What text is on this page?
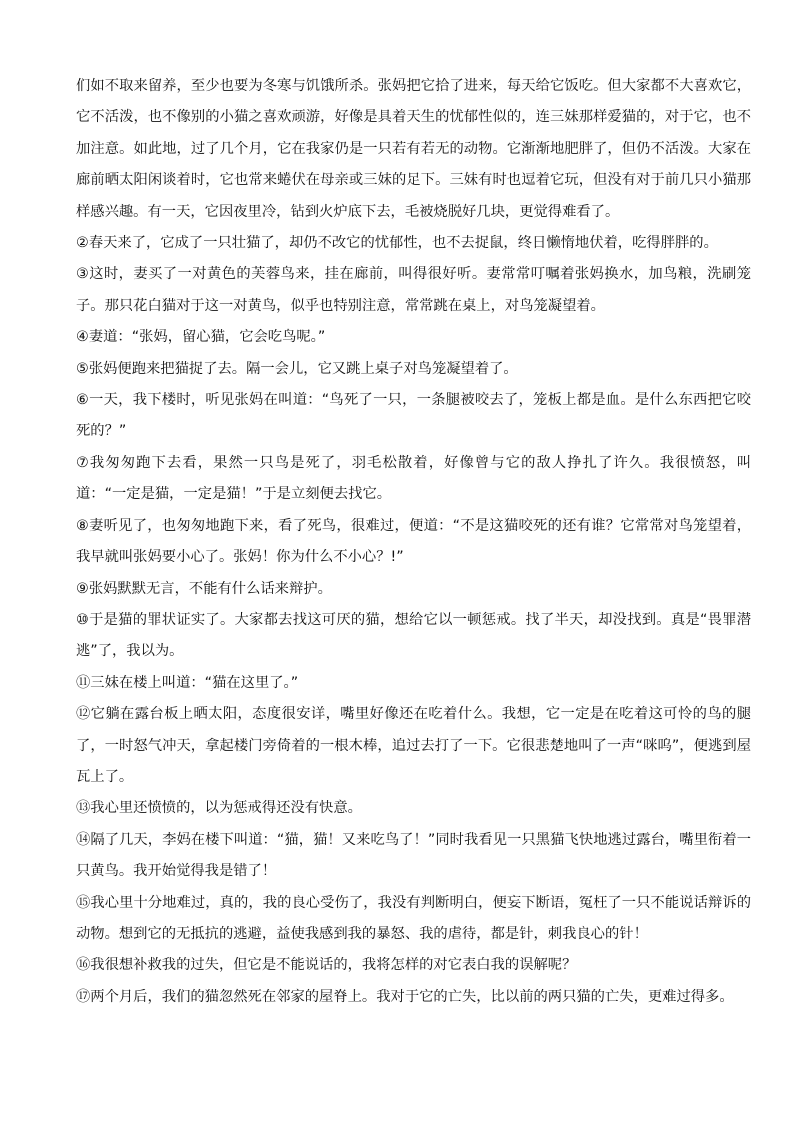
们如不取来留养，至少也要为冬寒与饥饿所杀。张妈把它拾了进来，每天给它饭吃。但大家都不大喜欢它，它不活泼，也不像别的小猫之喜欢顽游，好像是具着天生的忧郁性似的，连三妹那样爱猫的，对于它，也不加注意。如此地，过了几个月，它在我家仍是一只若有若无的动物。它渐渐地肥胖了，但仍不活泼。大家在廊前晒太阳闲谈着时，它也常来蜷伏在母亲或三妹的足下。三妹有时也逗着它玩，但没有对于前几只小猫那样感兴趣。有一天，它因夜里冷，钻到火炉底下去，毛被烧脱好几块，更觉得难看了。

②春天来了，它成了一只壮猫了，却仍不改它的忧郁性，也不去捉鼠，终日懒惰地伏着，吃得胖胖的。

③这时，妻买了一对黄色的芙蓉鸟来，挂在廊前，叫得很好听。妻常常叮嘱着张妈换水，加鸟粮，洗刷笼子。那只花白猫对于这一对黄鸟，似乎也特别注意，常常跳在桌上，对鸟笼凝望着。

④妻道：“张妈，留心猫，它会吃鸟呢。”

⑤张妈便跑来把猫捉了去。隔一会儿，它又跳上桌子对鸟笼凝望着了。

⑥一天，我下楼时，听见张妈在叫道：“鸟死了一只，一条腿被咬去了，笼板上都是血。是什么东西把它咬死的？”

⑦我匆匆跑下去看，果然一只鸟是死了，羽毛松散着，好像曾与它的敌人挣扎了许久。我很愤怒，叫道：“一定是猫，一定是猫！”于是立刻便去找它。

⑧妻听见了，也匆匆地跑下来，看了死鸟，很难过，便道：“不是这猫咬死的还有谁？它常常对鸟笼望着，我早就叫张妈要小心了。张妈！你为什么不小心？!”

⑨张妈默默无言，不能有什么话来辩护。

⑩于是猫的罪状证实了。大家都去找这可厌的猫，想给它以一顿惩戒。找了半天，却没找到。真是“畏罪潜逃”了，我以为。

⑪三妹在楼上叫道：“猫在这里了。”

⑫它躺在露台板上晒太阳，态度很安详，嘴里好像还在吃着什么。我想，它一定是在吃着这可怜的鸟的腿了，一时怒气冲天，拿起楼门旁倚着的一根木棒，追过去打了一下。它很悲楚地叫了一声“咪呜”，便逃到屋瓦上了。

⑬我心里还愤愤的，以为惩戒得还没有快意。

⑭隔了几天，李妈在楼下叫道：“猫，猫！又来吃鸟了！”同时我看见一只黑猫飞快地逃过露台，嘴里衔着一只黄鸟。我开始觉得我是错了！

⑮我心里十分地难过，真的，我的良心受伤了，我没有判断明白，便妄下断语，冤枉了一只不能说话辩诉的动物。想到它的无抵抗的逃避，益使我感到我的暴怒、我的虐待，都是针，刺我良心的针！

⑯我很想补救我的过失，但它是不能说话的，我将怎样的对它表白我的误解呢？

⑰两个月后，我们的猫忽然死在邻家的屋脊上。我对于它的亡失，比以前的两只猫的亡失，更难过得多。
